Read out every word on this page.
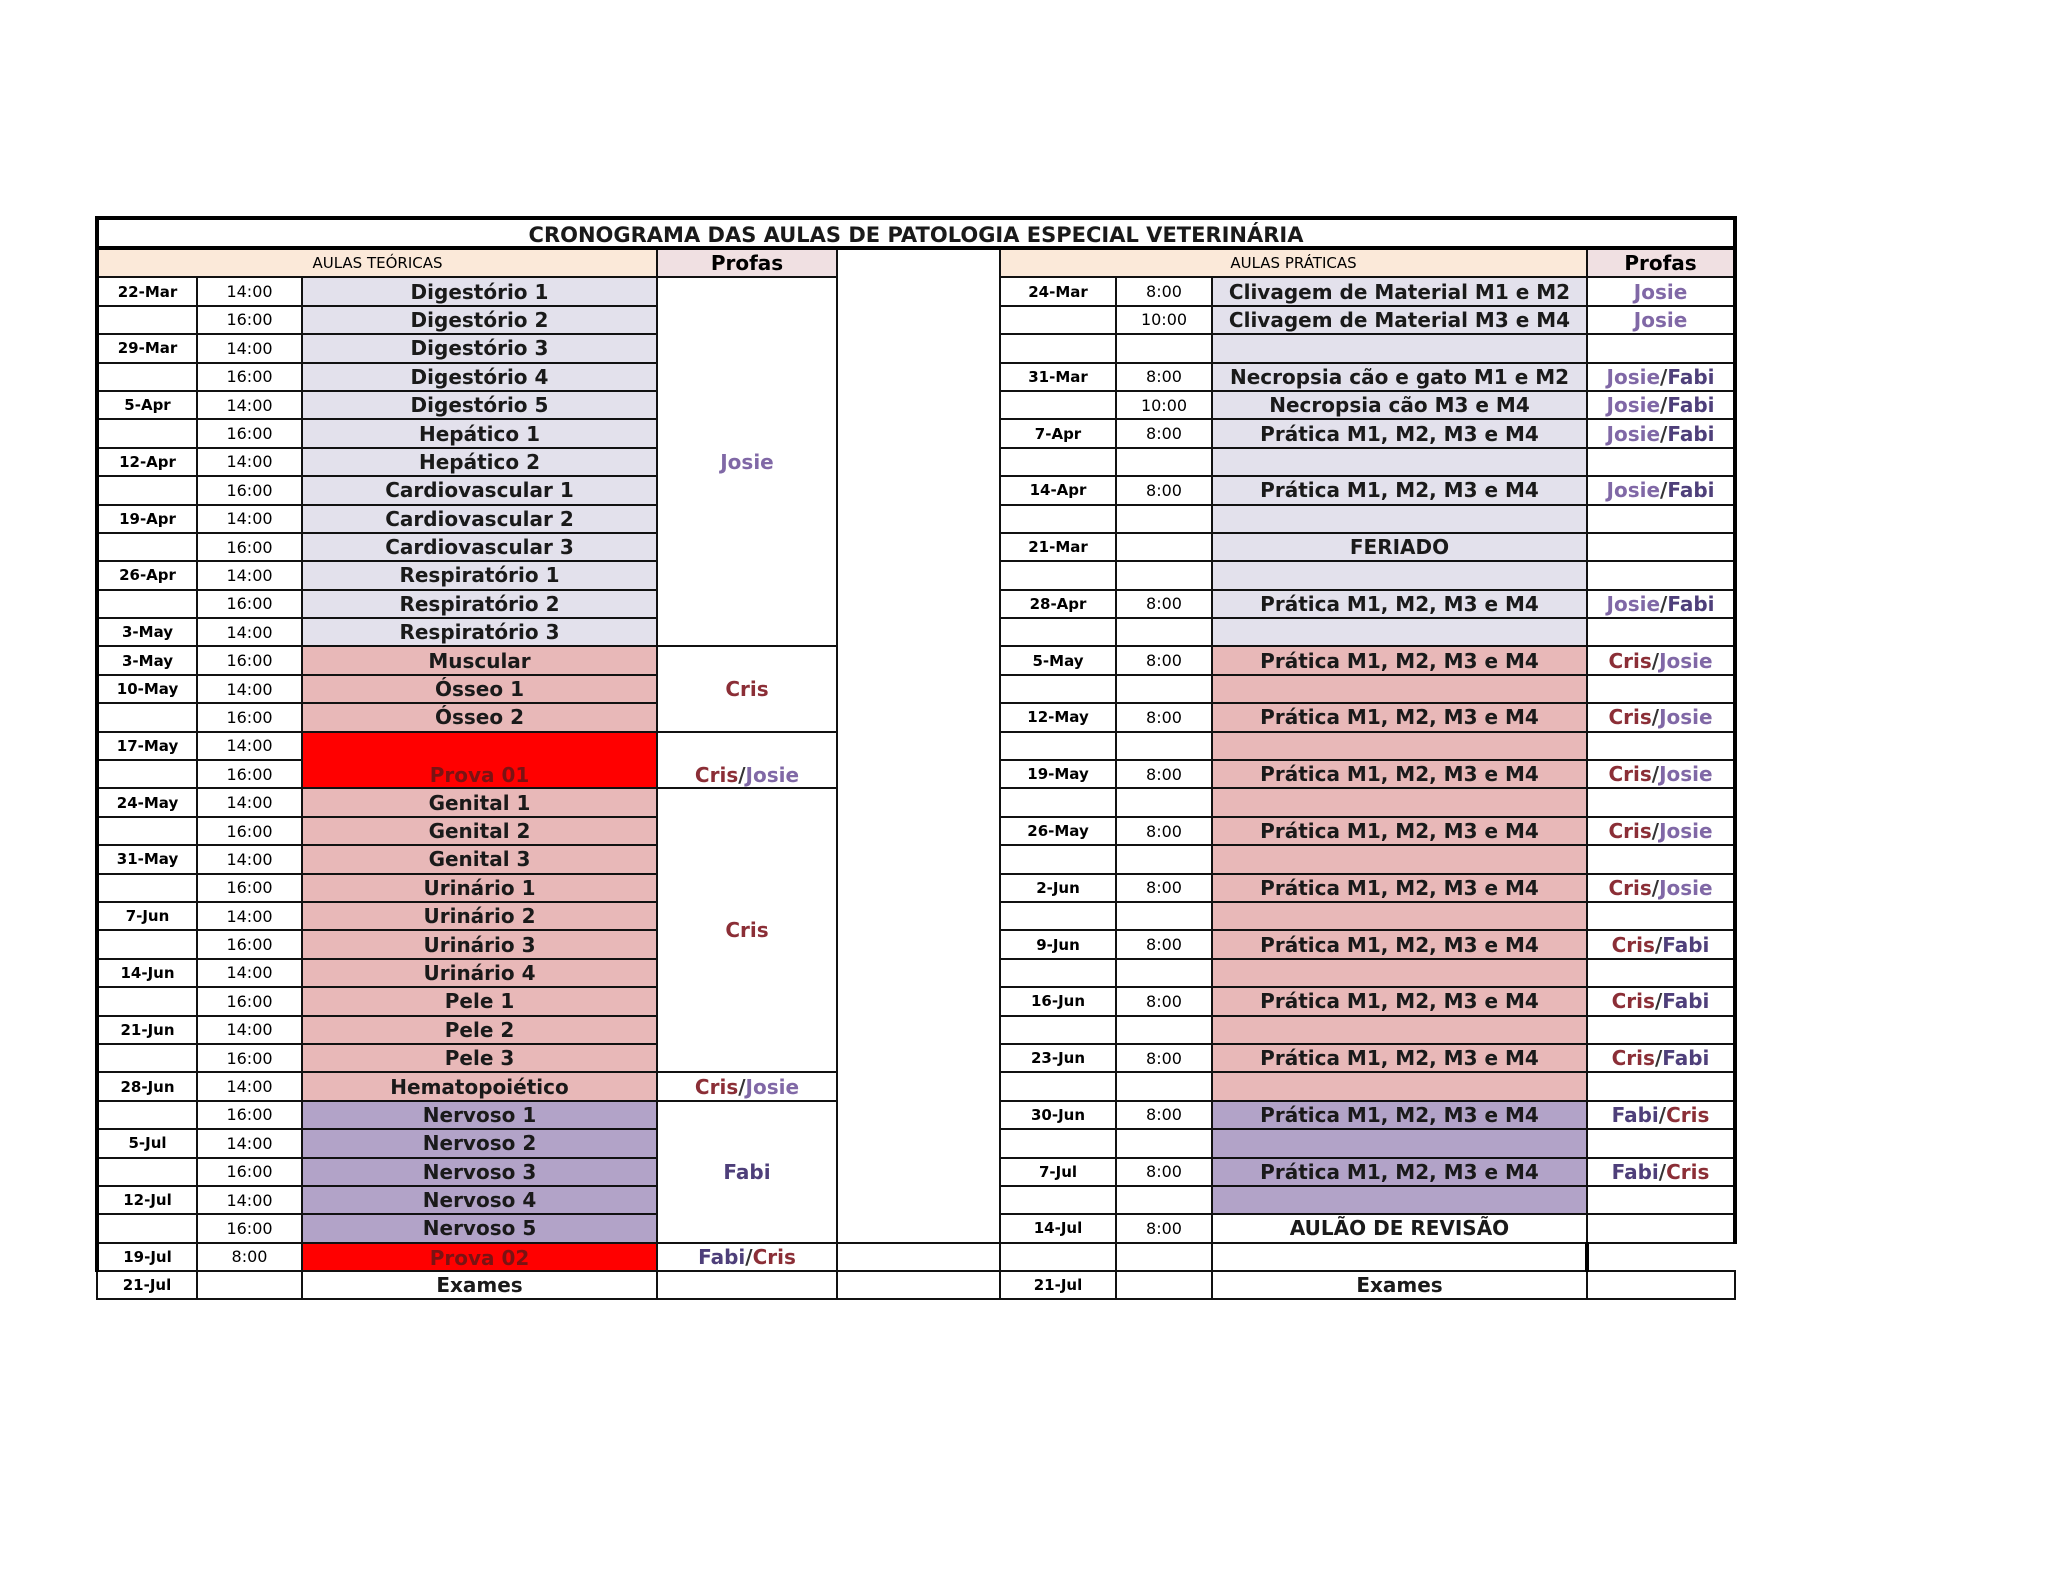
CRONOGRAMA DAS AULAS DE PATOLOGIA ESPECIAL VETERINÁRIA								
AULAS TEÓRICAS			Profas		AULAS PRÁTICAS			Profas
22-Mar	14:00	Digestório 1	Josie		24-Mar	8:00	Clivagem de Material M1 e M2	Josie
	16:00	Digestório 2				10:00	Clivagem de Material M3 e M4	Josie
29-Mar	14:00	Digestório 3						
	16:00	Digestório 4			31-Mar	8:00	Necropsia cão e gato M1 e M2	Josie/Fabi
5-Apr	14:00	Digestório 5				10:00	Necropsia cão M3 e M4	Josie/Fabi
	16:00	Hepático 1			7-Apr	8:00	Prática M1, M2, M3 e M4	Josie/Fabi
12-Apr	14:00	Hepático 2						
	16:00	Cardiovascular 1			14-Apr	8:00	Prática M1, M2, M3 e M4	Josie/Fabi
19-Apr	14:00	Cardiovascular 2						
	16:00	Cardiovascular 3			21-Mar		FERIADO	
26-Apr	14:00	Respiratório 1						
	16:00	Respiratório 2			28-Apr	8:00	Prática M1, M2, M3 e M4	Josie/Fabi
3-May	14:00	Respiratório 3						
3-May	16:00	Muscular	Cris		5-May	8:00	Prática M1, M2, M3 e M4	Cris/Josie
10-May	14:00	Ósseo 1						
	16:00	Ósseo 2			12-May	8:00	Prática M1, M2, M3 e M4	Cris/Josie
17-May	14:00	Prova 01	Cris/Josie					
	16:00				19-May	8:00	Prática M1, M2, M3 e M4	Cris/Josie
24-May	14:00	Genital 1	Cris					
	16:00	Genital 2			26-May	8:00	Prática M1, M2, M3 e M4	Cris/Josie
31-May	14:00	Genital 3						
	16:00	Urinário 1			2-Jun	8:00	Prática M1, M2, M3 e M4	Cris/Josie
7-Jun	14:00	Urinário 2						
	16:00	Urinário 3			9-Jun	8:00	Prática M1, M2, M3 e M4	Cris/Fabi
14-Jun	14:00	Urinário 4						
	16:00	Pele 1			16-Jun	8:00	Prática M1, M2, M3 e M4	Cris/Fabi
21-Jun	14:00	Pele 2						
	16:00	Pele 3			23-Jun	8:00	Prática M1, M2, M3 e M4	Cris/Fabi
28-Jun	14:00	Hematopoiético	Cris/Josie					
	16:00	Nervoso 1	Fabi		30-Jun	8:00	Prática M1, M2, M3 e M4	Fabi/Cris
5-Jul	14:00	Nervoso 2						
	16:00	Nervoso 3			7-Jul	8:00	Prática M1, M2, M3 e M4	Fabi/Cris
12-Jul	14:00	Nervoso 4						
	16:00	Nervoso 5			14-Jul	8:00	AULÃO DE REVISÃO	
19-Jul	8:00	Prova 02	Fabi/Cris					
21-Jul		Exames			21-Jul		Exames	
